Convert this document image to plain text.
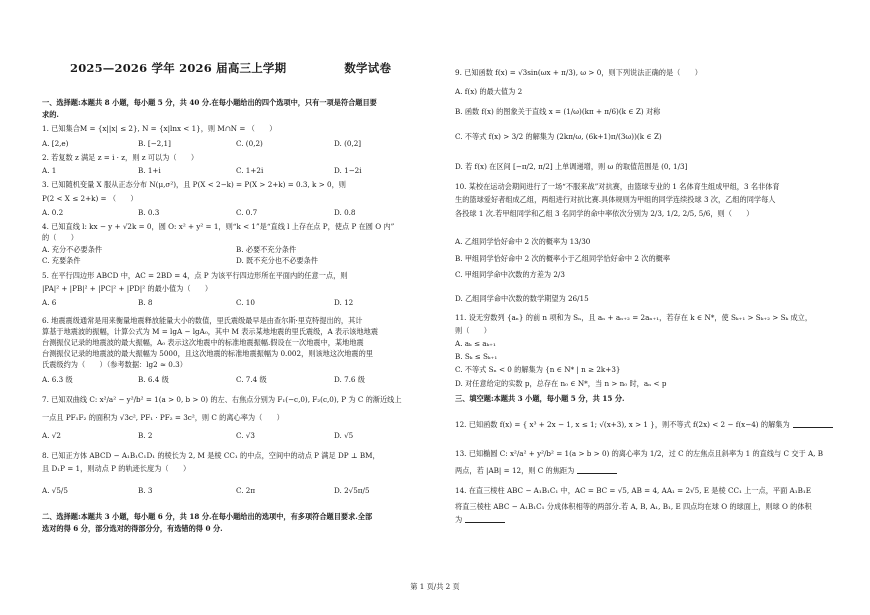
2025—2026 学年 2026 届高三上学期	数学试卷
一、选择题:本题共 8 小题，每小题 5 分，共 40 分.在每小题给出的四个选项中，只有一项是符合题目要
求的.
1. 已知集合M = {x||x| ≤ 2}, N = {x|lnx < 1}，则 M∩N = （　　）
A. [2,e)	B. [−2,1]	C. (0,2)	D. (0,2]
2. 若复数 z 满足 z = i · z，则 z 可以为（　　）
A. 1	B. 1+i	C. 1+2i	D. 1−2i
3. 已知随机变量 X 服从正态分布 N(μ,σ²)，且 P(X < 2−k) = P(X > 2+k) = 0.3, k > 0，则
P(2 < X ≤ 2+k) = （　　）
A. 0.2	B. 0.3	C. 0.7	D. 0.8
4. 已知直线 l: kx − y + √2k = 0，圆 O: x² + y² = 1，则“k < 1”是“直线 l 上存在点 P，使点 P 在圆 O 内”
的（　　）
A. 充分不必要条件	B. 必要不充分条件
C. 充要条件	D. 既不充分也不必要条件
5. 在平行四边形 ABCD 中，AC = 2BD = 4，点 P 为该平行四边形所在平面内的任意一点，则
|PA|² + |PB|² + |PC|² + |PD|² 的最小值为（　　）
A. 6	B. 8	C. 10	D. 12
6. 地震震级通常是用来衡量地震释放能量大小的数值，里氏震级最早是由查尔斯·里克特提出的，其计
算基于地震波的振幅，计算公式为 M = lgA − lgA₀，其中 M 表示某地地震的里氏震级，A 表示该地地震
台测振仪记录的地震波的最大振幅，A₀ 表示这次地震中的标准地震振幅.假设在一次地震中，某地地震
台测振仪记录的地震波的最大振幅为 5000，且这次地震的标准地震振幅为 0.002，则该地这次地震的里
氏震级约为（　　）（参考数据：lg2 ≈ 0.3）
A. 6.3 级	B. 6.4 级	C. 7.4 级	D. 7.6 级
7. 已知双曲线 C: x²/a² − y²/b² = 1(a > 0, b > 0) 的左、右焦点分别为 F₁(−c,0), F₂(c,0), P 为 C 的渐近线上
一点且 PF₁F₂ 的面积为 √3c², PF₁ · PF₂ = 3c²，则 C 的离心率为（　　）
A. √2	B. 2	C. √3	D. √5
8. 已知正方体 ABCD − A₁B₁C₁D₁ 的棱长为 2, M 是棱 CC₁ 的中点，空间中的动点 P 满足 DP ⊥ BM，
且 D₁P = 1，则动点 P 的轨迹长度为（　　）
A. √5/5	B. 3	C. 2π	D. 2√5π/5
二、选择题:本题共 3 小题，每小题 6 分，共 18 分.在每小题给出的选项中，有多项符合题目要求.全部
选对的得 6 分，部分选对的得部分分，有选错的得 0 分.
9. 已知函数 f(x) = √3sin(ωx + π/3), ω > 0，则下列说法正确的是（　　）
A. f(x) 的最大值为 2
B. 函数 f(x) 的图象关于直线 x = (1/ω)(kπ + π/6)(k ∈ Z) 对称
C. 不等式 f(x) > 3/2 的解集为 (2kπ/ω, (6k+1)π/(3ω))(k ∈ Z)
D. 若 f(x) 在区间 [−π/2, π/2] 上单调递增，则 ω 的取值范围是 (0, 1/3]
10. 某校在运动会期间进行了一场“不服来战”对抗赛，由篮球专业的 1 名体育生组成甲组，3 名非体育
生的篮球爱好者组成乙组，两组进行对抗比赛.具体规则为甲组的同学连续投球 3 次，乙组的同学每人
各投球 1 次.若甲组同学和乙组 3 名同学的命中率依次分别为 2/3, 1/2, 2/5, 5/6，则（　　）
A. 乙组同学恰好命中 2 次的概率为 13/30
B. 甲组同学恰好命中 2 次的概率小于乙组同学恰好命中 2 次的概率
C. 甲组同学命中次数的方差为 2/3
D. 乙组同学命中次数的数学期望为 26/15
11. 设无穷数列 {aₙ} 的前 n 项和为 Sₙ，且 aₙ + aₙ₊₂ = 2aₙ₊₁，若存在 k ∈ N*，使 Sₖ₊₁ > Sₖ₊₂ > Sₖ 成立，
则（　　）
A. aₖ ≤ aₖ₊₁
B. Sₖ ≤ Sₖ₊₁
C. 不等式 Sₙ < 0 的解集为 {n ∈ N* | n ≥ 2k+3}
D. 对任意给定的实数 p，总存在 n₀ ∈ N*，当 n > n₀ 时，aₙ < p
三、填空题:本题共 3 小题，每小题 5 分，共 15 分.
12. 已知函数 f(x) = { x³ + 2x − 1, x ≤ 1; √(x+3), x > 1 }，则不等式 f(2x) < 2 − f(x−4) 的解集为
13. 已知椭圆 C: x²/a² + y²/b² = 1(a > b > 0) 的离心率为 1/2，过 C 的左焦点且斜率为 1 的直线与 C 交于 A, B
两点，若 |AB| = 12，则 C 的焦距为
14. 在直三棱柱 ABC − A₁B₁C₁ 中，AC = BC = √5, AB = 4, AA₁ = 2√5, E 是棱 CC₁ 上一点，平面 A₁B₁E
将直三棱柱 ABC − A₁B₁C₁ 分成体积相等的两部分.若 A, B, A₁, B₁, E 四点均在球 O 的球面上，则球 O 的体积
为
第 1 页/共 2 页
